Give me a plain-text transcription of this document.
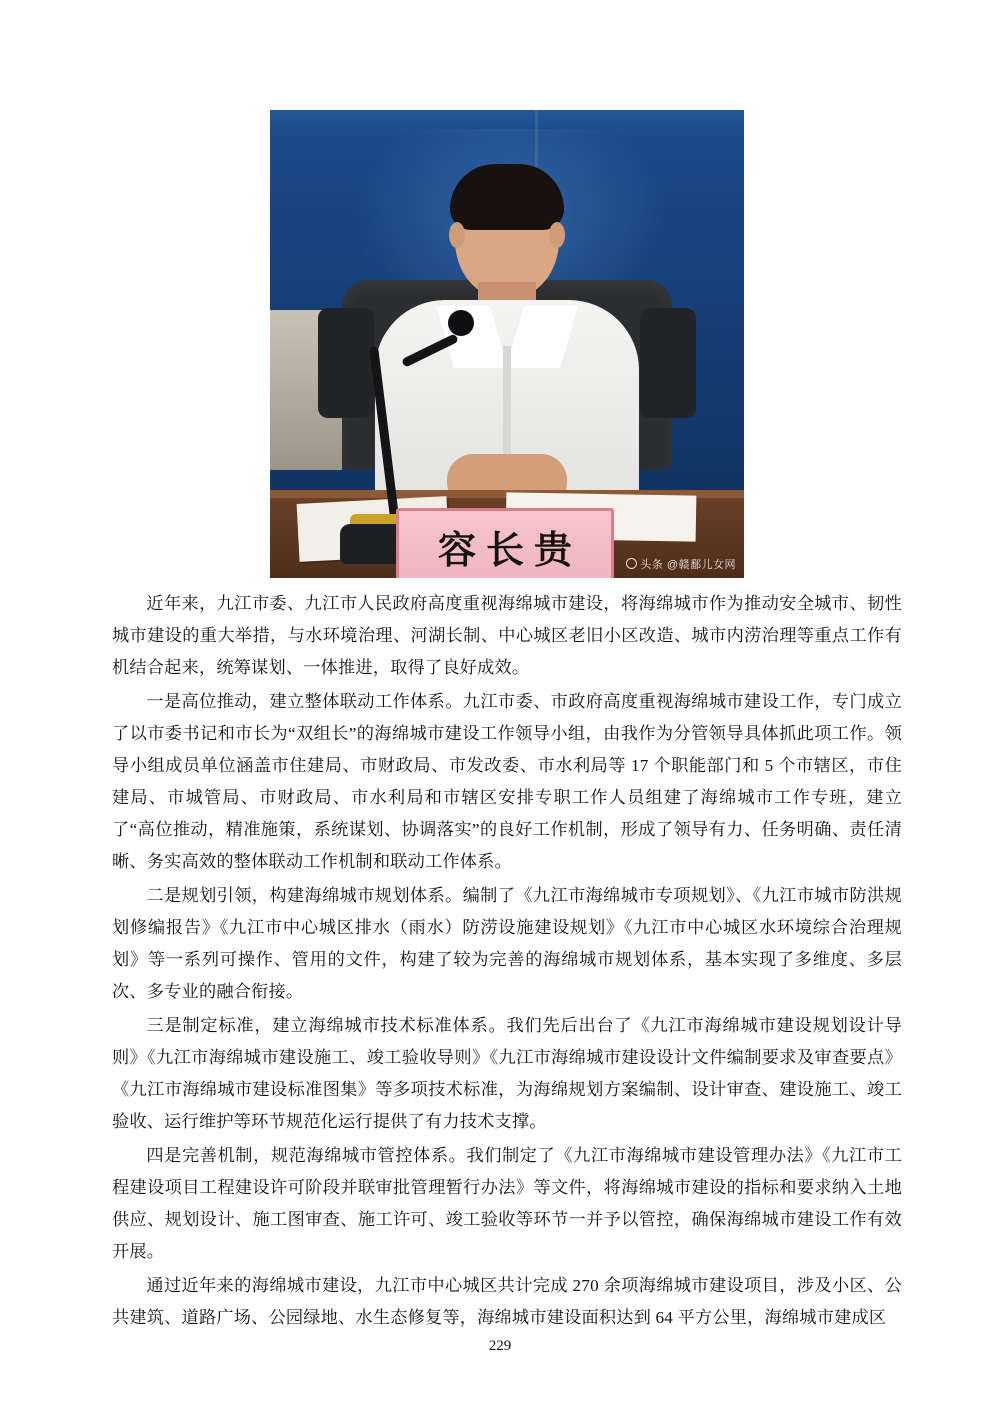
容长贵	头条 @赣鄱儿女网

近年来，九江市委、九江市人民政府高度重视海绵城市建设，将海绵城市作为推动安全城市、韧性城市建设的重大举措，与水环境治理、河湖长制、中心城区老旧小区改造、城市内涝治理等重点工作有机结合起来，统筹谋划、一体推进，取得了良好成效。

一是高位推动，建立整体联动工作体系。九江市委、市政府高度重视海绵城市建设工作，专门成立了以市委书记和市长为“双组长”的海绵城市建设工作领导小组，由我作为分管领导具体抓此项工作。领导小组成员单位涵盖市住建局、市财政局、市发改委、市水利局等 17 个职能部门和 5 个市辖区，市住建局、市城管局、市财政局、市水利局和市辖区安排专职工作人员组建了海绵城市工作专班，建立了“高位推动，精准施策，系统谋划、协调落实”的良好工作机制，形成了领导有力、任务明确、责任清晰、务实高效的整体联动工作机制和联动工作体系。

二是规划引领，构建海绵城市规划体系。编制了《九江市海绵城市专项规划》、《九江市城市防洪规划修编报告》《九江市中心城区排水（雨水）防涝设施建设规划》《九江市中心城区水环境综合治理规划》等一系列可操作、管用的文件，构建了较为完善的海绵城市规划体系，基本实现了多维度、多层次、多专业的融合衔接。

三是制定标准，建立海绵城市技术标准体系。我们先后出台了《九江市海绵城市建设规划设计导则》《九江市海绵城市建设施工、竣工验收导则》《九江市海绵城市建设设计文件编制要求及审查要点》《九江市海绵城市建设标准图集》等多项技术标准，为海绵规划方案编制、设计审查、建设施工、竣工验收、运行维护等环节规范化运行提供了有力技术支撑。

四是完善机制，规范海绵城市管控体系。我们制定了《九江市海绵城市建设管理办法》《九江市工程建设项目工程建设许可阶段并联审批管理暂行办法》等文件，将海绵城市建设的指标和要求纳入土地供应、规划设计、施工图审查、施工许可、竣工验收等环节一并予以管控，确保海绵城市建设工作有效开展。

通过近年来的海绵城市建设，九江市中心城区共计完成 270 余项海绵城市建设项目，涉及小区、公共建筑、道路广场、公园绿地、水生态修复等，海绵城市建设面积达到 64 平方公里，海绵城市建成区

229
